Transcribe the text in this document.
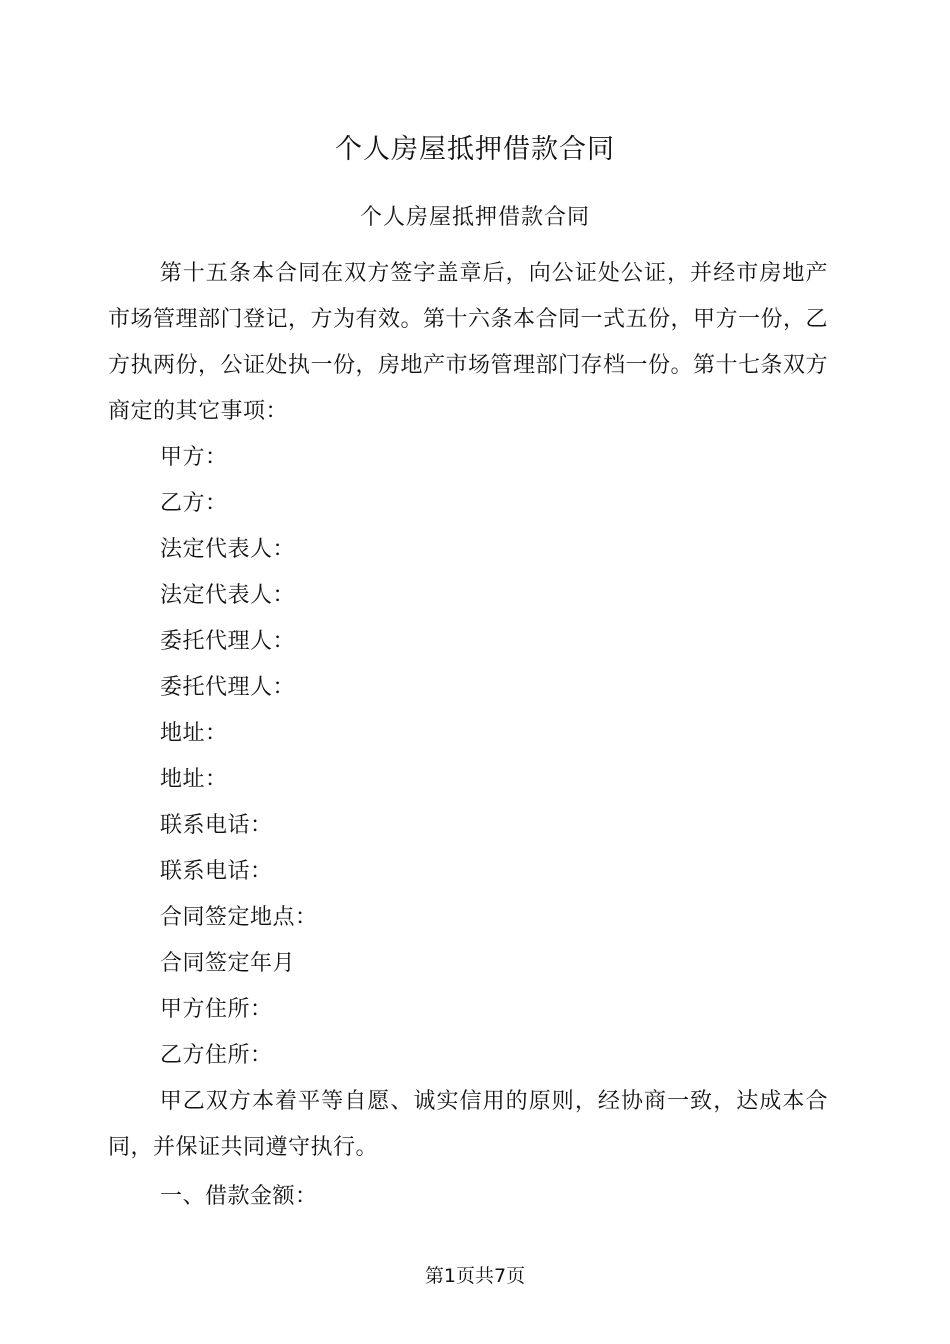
个人房屋抵押借款合同
个人房屋抵押借款合同

第十五条本合同在双方签字盖章后，向公证处公证，并经市房地产市场管理部门登记，方为有效。第十六条本合同一式五份，甲方一份，乙方执两份，公证处执一份，房地产市场管理部门存档一份。第十七条双方商定的其它事项：

甲方：

乙方：

法定代表人：

法定代表人：

委托代理人：

委托代理人：

地址：

地址：

联系电话：

联系电话：

合同签定地点：

合同签定年月

甲方住所：

乙方住所：

甲乙双方本着平等自愿、诚实信用的原则，经协商一致，达成本合同，并保证共同遵守执行。

一、借款金额：

第1页共7页
